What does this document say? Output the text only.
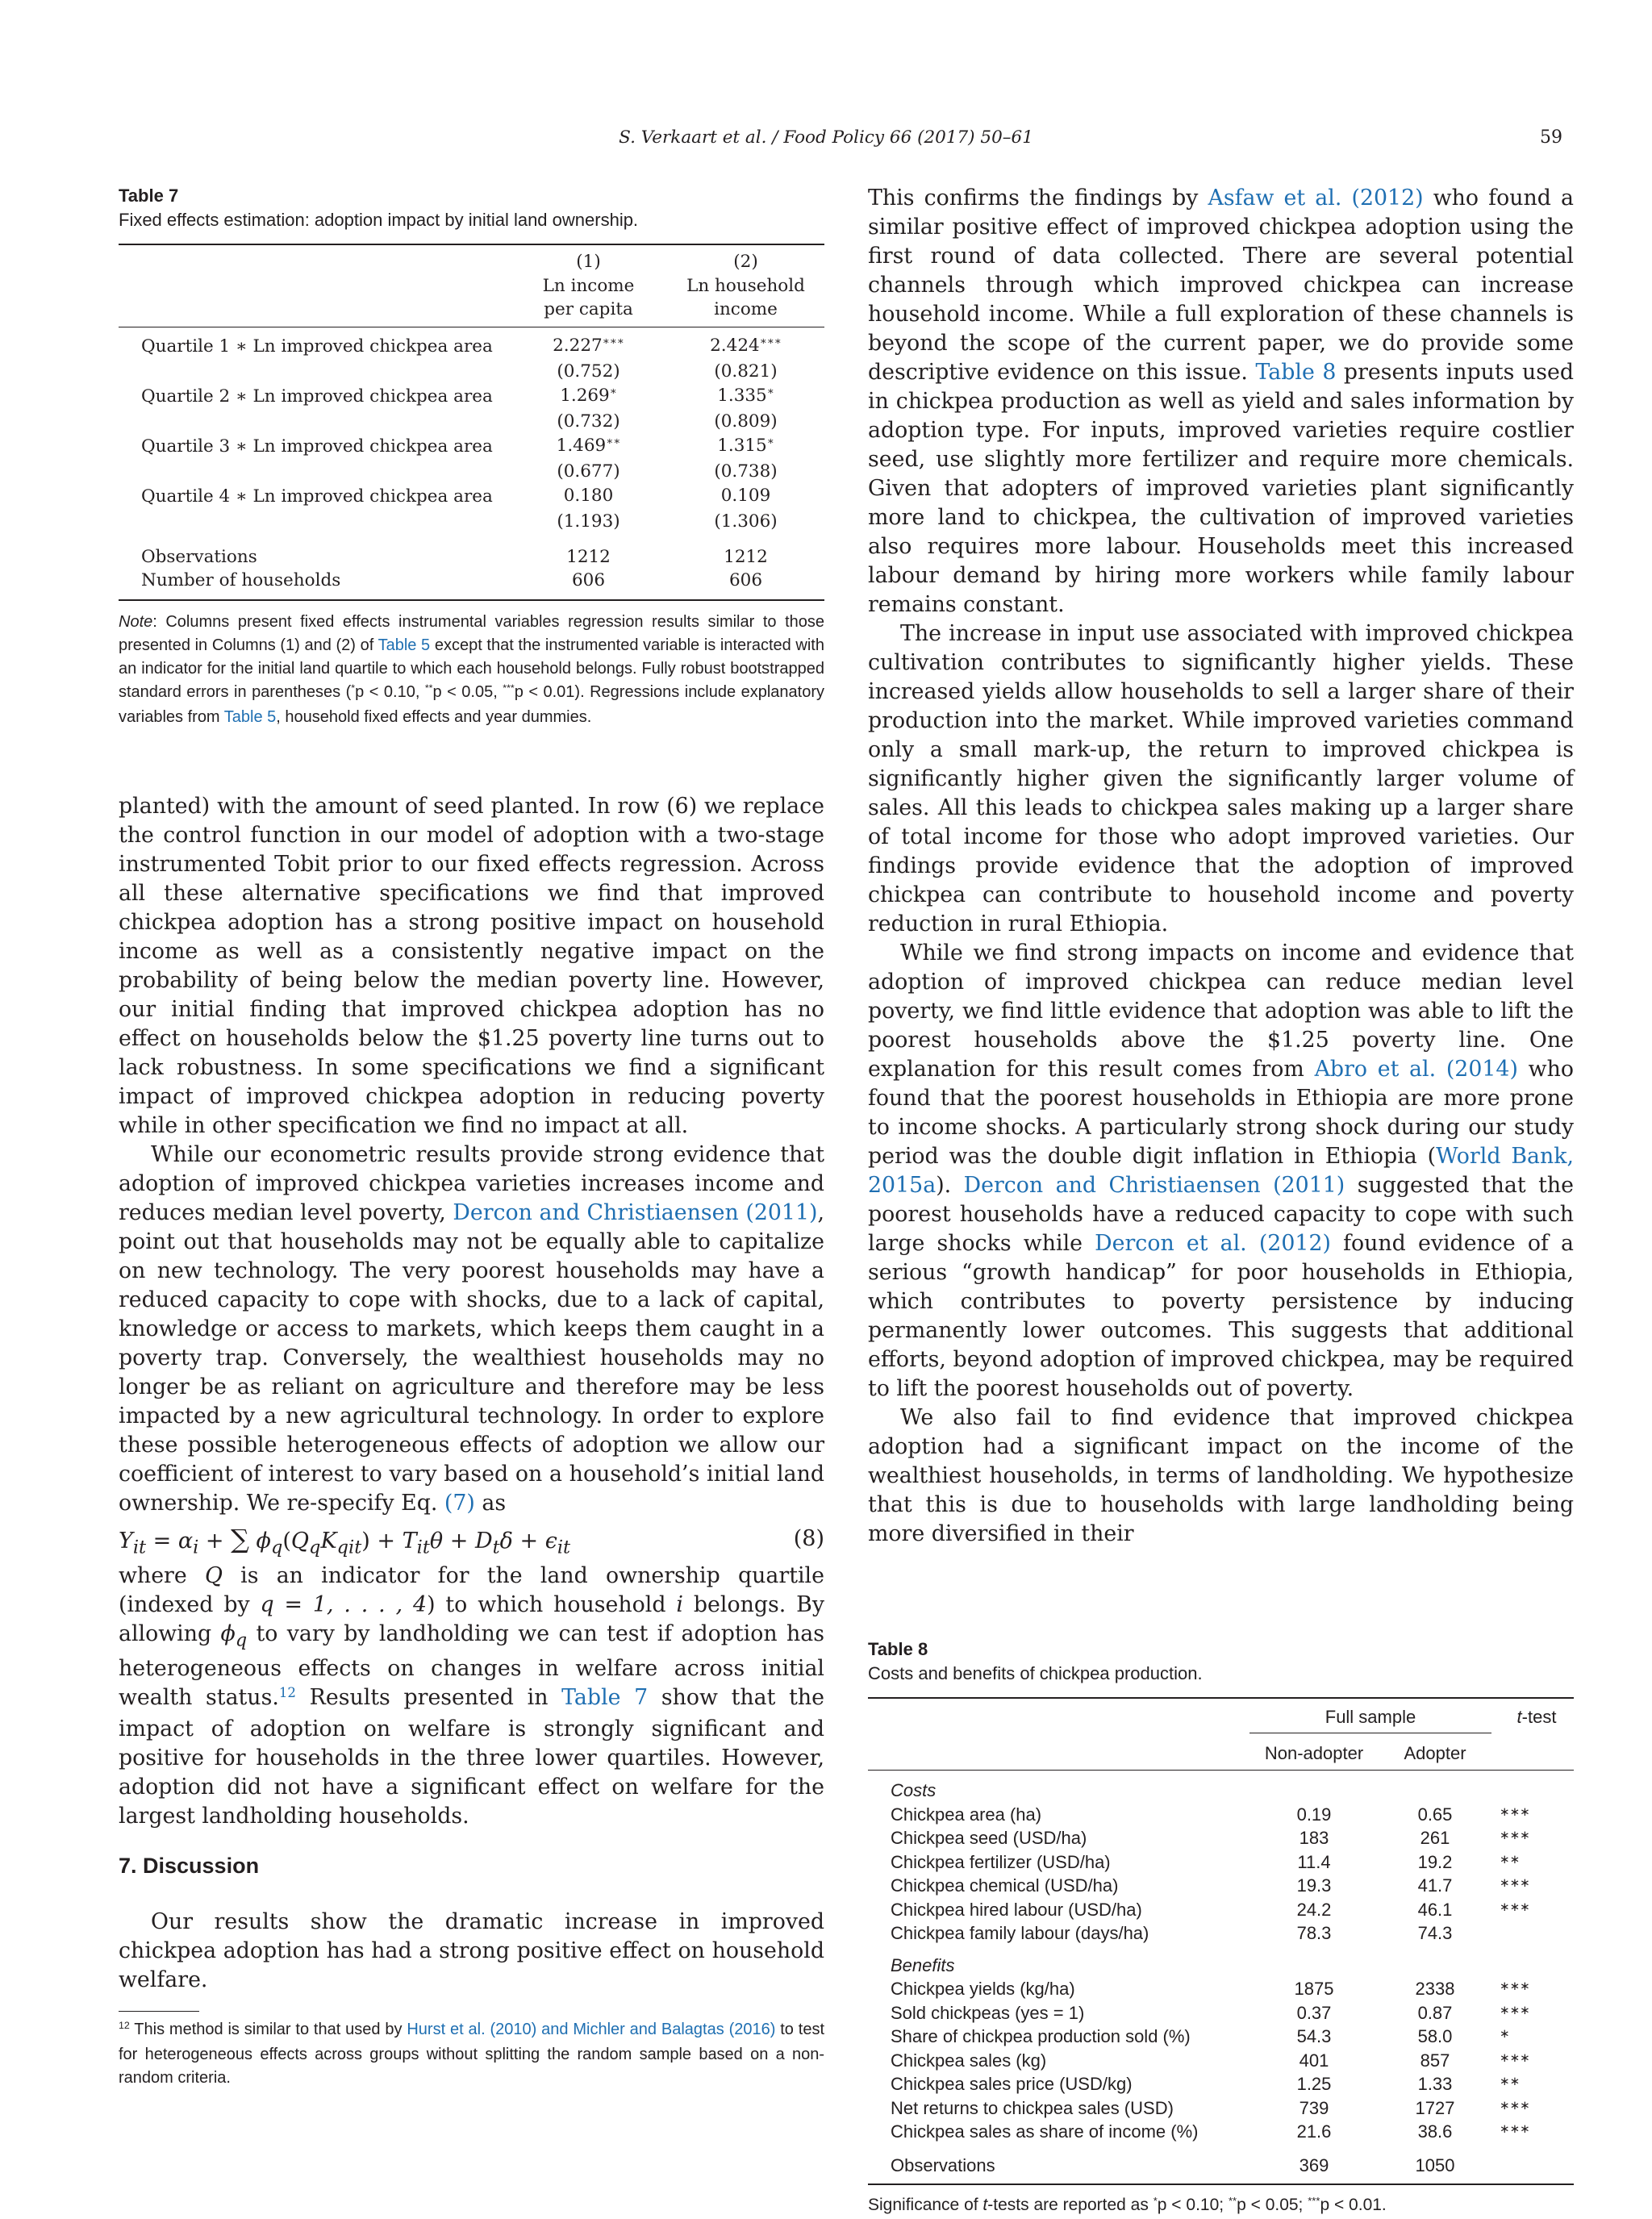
S. Verkaart et al. / Food Policy 66 (2017) 50–61	59

Table 7

Fixed effects estimation: adoption impact by initial land ownership.

	(1)	(2)
	Ln income	Ln household
	per capita	income
Quartile 1 ∗ Ln improved chickpea area	2.227∗∗∗	2.424∗∗∗
	(0.752)	(0.821)
Quartile 2 ∗ Ln improved chickpea area	1.269∗	1.335∗
	(0.732)	(0.809)
Quartile 3 ∗ Ln improved chickpea area	1.469∗∗	1.315∗
	(0.677)	(0.738)
Quartile 4 ∗ Ln improved chickpea area	0.180	0.109
	(1.193)	(1.306)
Observations	1212	1212
Number of households	606	606

Note: Columns present fixed effects instrumental variables regression results similar to those presented in Columns (1) and (2) of Table 5 except that the instrumented variable is interacted with an indicator for the initial land quartile to which each household belongs. Fully robust bootstrapped standard errors in parentheses (*p < 0.10, **p < 0.05, ***p < 0.01). Regressions include explanatory variables from Table 5, household fixed effects and year dummies.

planted) with the amount of seed planted. In row (6) we replace the control function in our model of adoption with a two-stage instrumented Tobit prior to our fixed effects regression. Across all these alternative specifications we find that improved chickpea adoption has a strong positive impact on household income as well as a consistently negative impact on the probability of being below the median poverty line. However, our initial finding that improved chickpea adoption has no effect on households below the $1.25 poverty line turns out to lack robustness. In some specifications we find a significant impact of improved chickpea adoption in reducing poverty while in other specification we find no impact at all.

While our econometric results provide strong evidence that adoption of improved chickpea varieties increases income and reduces median level poverty, Dercon and Christiaensen (2011), point out that households may not be equally able to capitalize on new technology. The very poorest households may have a reduced capacity to cope with shocks, due to a lack of capital, knowledge or access to markets, which keeps them caught in a poverty trap. Conversely, the wealthiest households may no longer be as reliant on agriculture and therefore may be less impacted by a new agricultural technology. In order to explore these possible heterogeneous effects of adoption we allow our coefficient of interest to vary based on a household’s initial land ownership. We re-specify Eq. (7) as

$Y_{it} = \alpha_i$ + ∑ $\phi_q(Q_qK_{qit}) + T_{it}\theta + D_t\delta + \epsilon_{it}$	(8)

where Q is an indicator for the land ownership quartile (indexed by q = 1, . . . , 4) to which household i belongs. By allowing $\phi_q$ to vary by landholding we can test if adoption has heterogeneous effects on changes in welfare across initial wealth status.$^{12}$ Results presented in Table 7 show that the impact of adoption on welfare is strongly significant and positive for households in the three lower quartiles. However, adoption did not have a significant effect on welfare for the largest landholding households.

7. Discussion

Our results show the dramatic increase in improved chickpea adoption has had a strong positive effect on household welfare.

$^{12}$ This method is similar to that used by Hurst et al. (2010) and Michler and Balagtas (2016) to test for heterogeneous effects across groups without splitting the random sample based on a non-random criteria.

This confirms the findings by Asfaw et al. (2012) who found a similar positive effect of improved chickpea adoption using the first round of data collected. There are several potential channels through which improved chickpea can increase household income. While a full exploration of these channels is beyond the scope of the current paper, we do provide some descriptive evidence on this issue. Table 8 presents inputs used in chickpea production as well as yield and sales information by adoption type. For inputs, improved varieties require costlier seed, use slightly more fertilizer and require more chemicals. Given that adopters of improved varieties plant significantly more land to chickpea, the cultivation of improved varieties also requires more labour. Households meet this increased labour demand by hiring more workers while family labour remains constant.

The increase in input use associated with improved chickpea cultivation contributes to significantly higher yields. These increased yields allow households to sell a larger share of their production into the market. While improved varieties command only a small mark-up, the return to improved chickpea is significantly higher given the significantly larger volume of sales. All this leads to chickpea sales making up a larger share of total income for those who adopt improved varieties. Our findings provide evidence that the adoption of improved chickpea can contribute to household income and poverty reduction in rural Ethiopia.

While we find strong impacts on income and evidence that adoption of improved chickpea can reduce median level poverty, we find little evidence that adoption was able to lift the poorest households above the $1.25 poverty line. One explanation for this result comes from Abro et al. (2014) who found that the poorest households in Ethiopia are more prone to income shocks. A particularly strong shock during our study period was the double digit inflation in Ethiopia (World Bank, 2015a). Dercon and Christiaensen (2011) suggested that the poorest households have a reduced capacity to cope with such large shocks while Dercon et al. (2012) found evidence of a serious “growth handicap” for poor households in Ethiopia, which contributes to poverty persistence by inducing permanently lower outcomes. This suggests that additional efforts, beyond adoption of improved chickpea, may be required to lift the poorest households out of poverty.

We also fail to find evidence that improved chickpea adoption had a significant impact on the income of the wealthiest households, in terms of landholding. We hypothesize that this is due to households with large landholding being more diversified in their

Table 8

Costs and benefits of chickpea production.

	Full sample		t-test
	Non-adopter	Adopter	
Costs			
Chickpea area (ha)	0.19	0.65	∗∗∗
Chickpea seed (USD/ha)	183	261	∗∗∗
Chickpea fertilizer (USD/ha)	11.4	19.2	∗∗
Chickpea chemical (USD/ha)	19.3	41.7	∗∗∗
Chickpea hired labour (USD/ha)	24.2	46.1	∗∗∗
Chickpea family labour (days/ha)	78.3	74.3	
Benefits			
Chickpea yields (kg/ha)	1875	2338	∗∗∗
Sold chickpeas (yes = 1)	0.37	0.87	∗∗∗
Share of chickpea production sold (%)	54.3	58.0	∗
Chickpea sales (kg)	401	857	∗∗∗
Chickpea sales price (USD/kg)	1.25	1.33	∗∗
Net returns to chickpea sales (USD)	739	1727	∗∗∗
Chickpea sales as share of income (%)	21.6	38.6	∗∗∗
Observations	369	1050	

Significance of t-tests are reported as *p < 0.10; **p < 0.05; ***p < 0.01.
